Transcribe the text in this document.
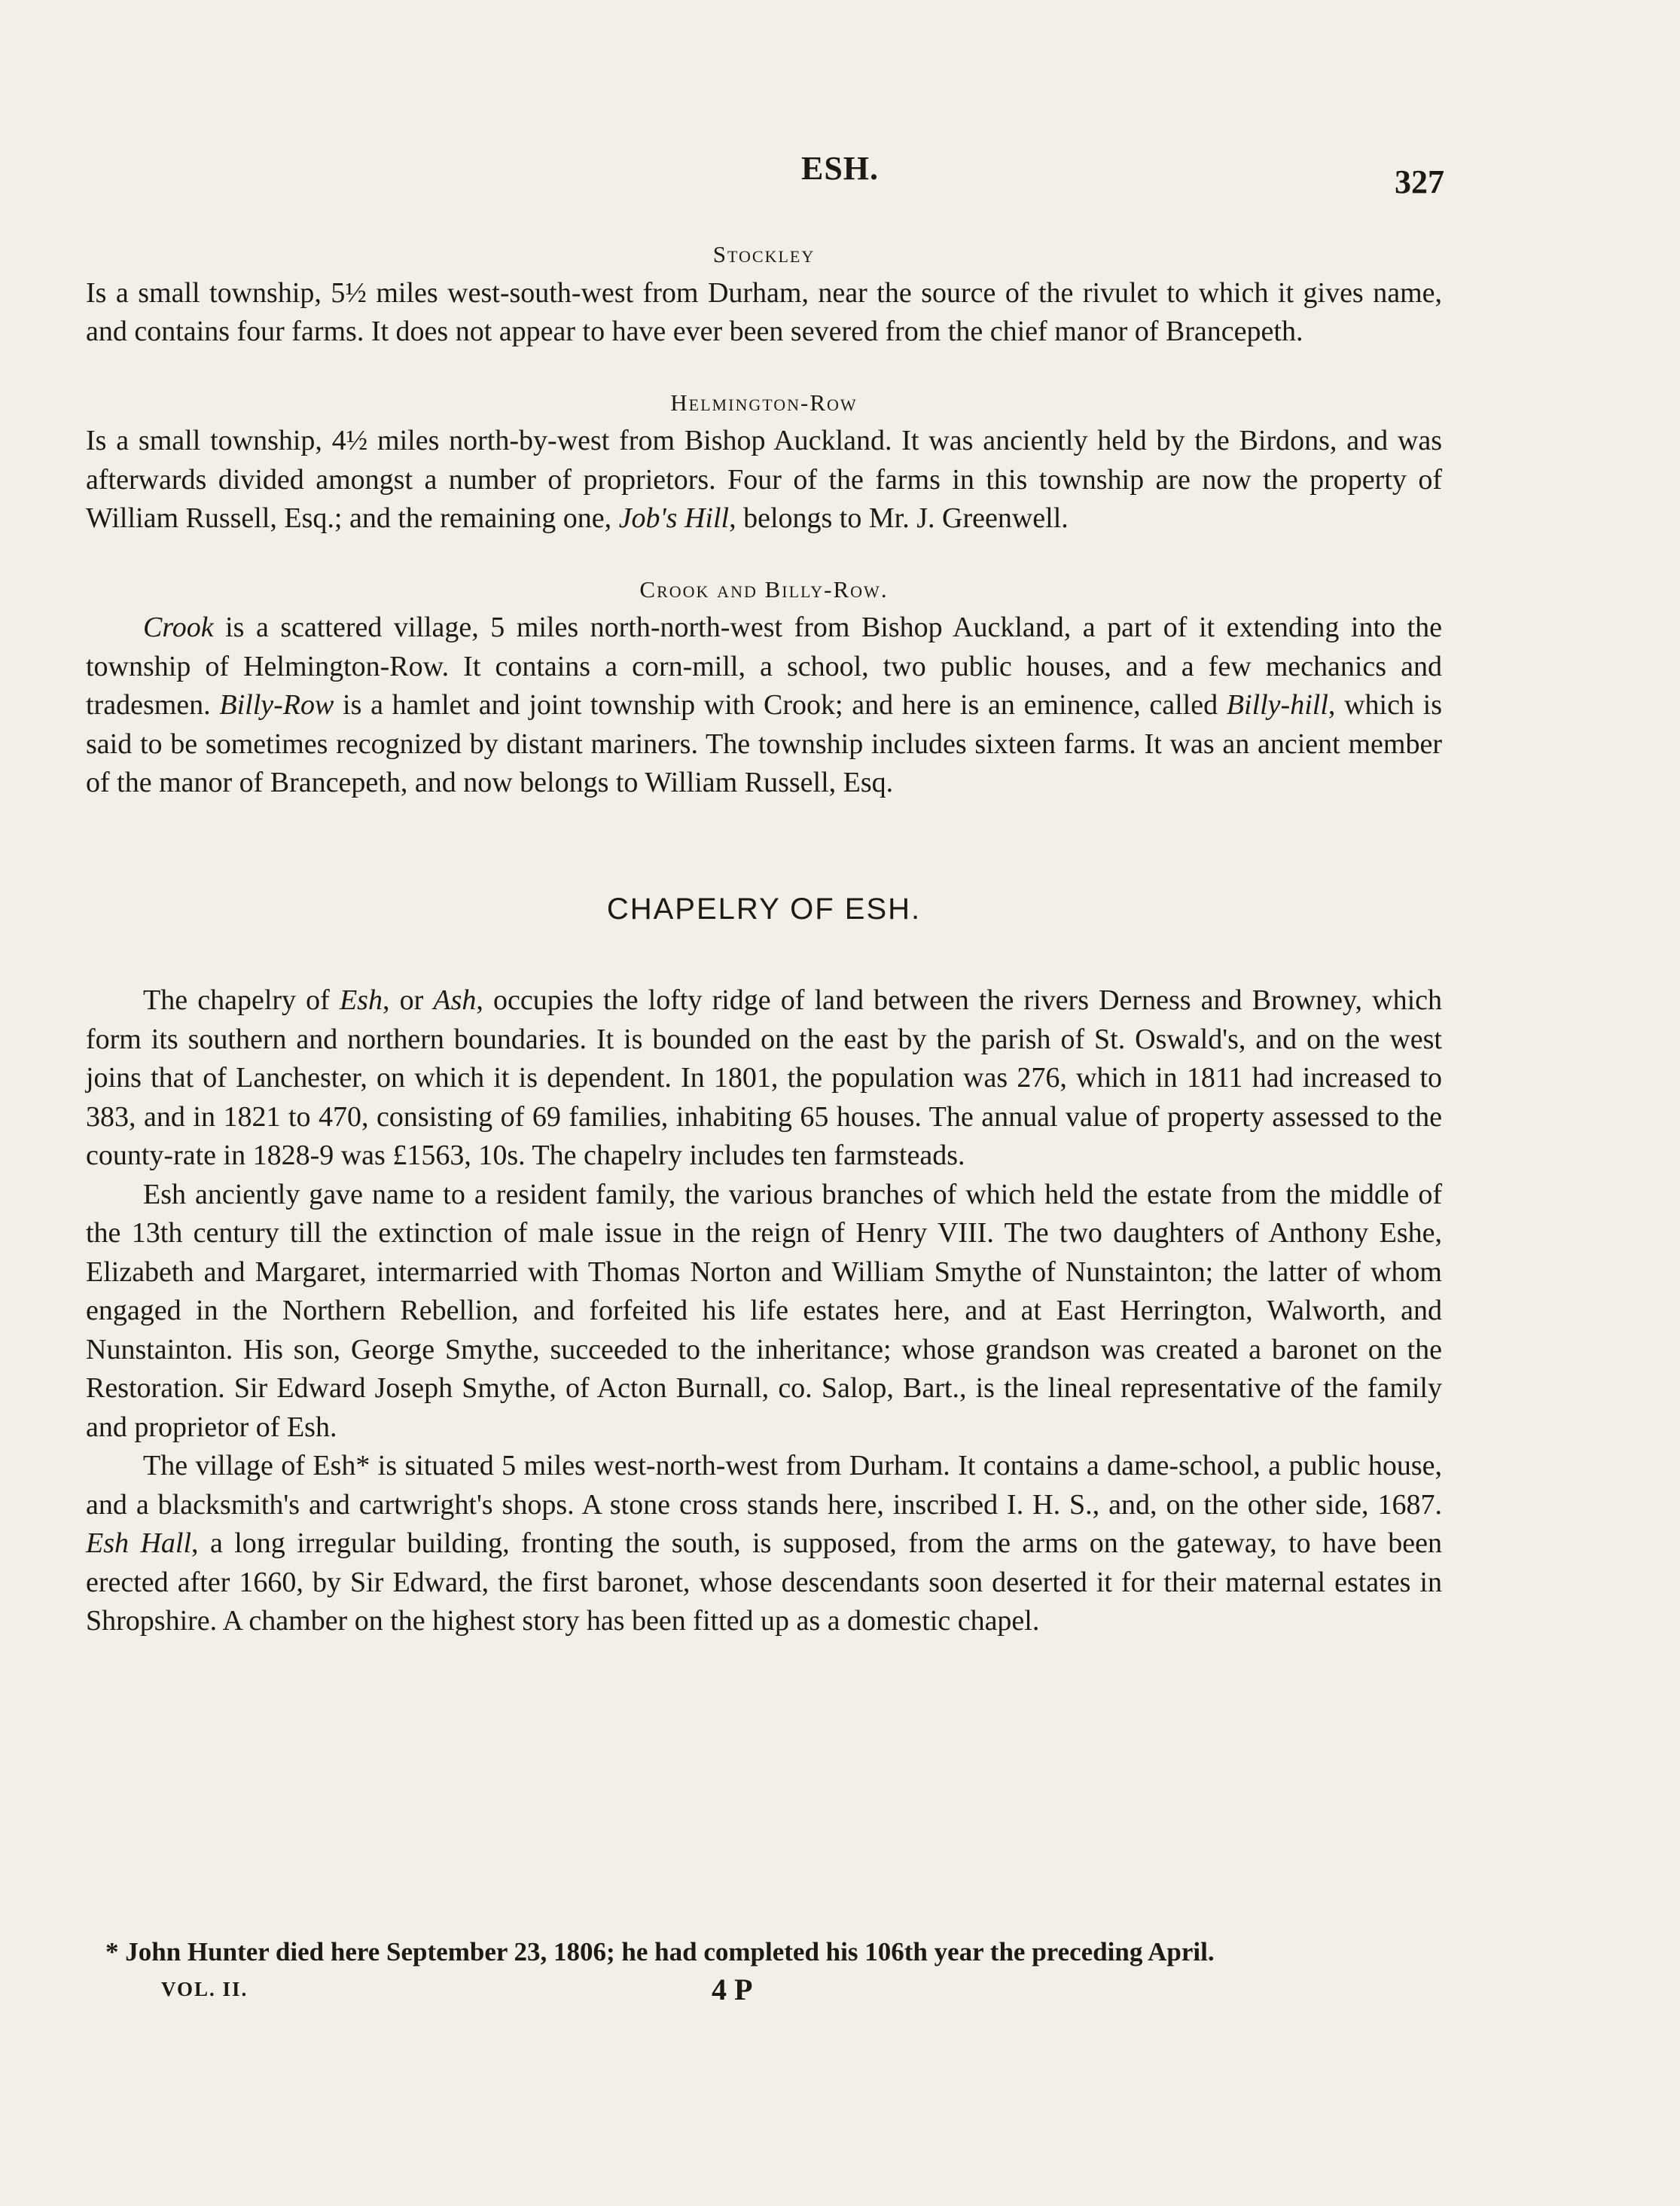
ESH.	327

Stockley

Is a small township, 5½ miles west-south-west from Durham, near the source of the rivulet to which it gives name, and contains four farms. It does not appear to have ever been severed from the chief manor of Brancepeth.

Helmington-Row

Is a small township, 4½ miles north-by-west from Bishop Auckland. It was anciently held by the Birdons, and was afterwards divided amongst a number of proprietors. Four of the farms in this township are now the property of William Russell, Esq.; and the remaining one, Job's Hill, belongs to Mr. J. Greenwell.

Crook and Billy-Row.

Crook is a scattered village, 5 miles north-north-west from Bishop Auckland, a part of it extending into the township of Helmington-Row. It contains a corn-mill, a school, two public houses, and a few mechanics and tradesmen. Billy-Row is a hamlet and joint township with Crook; and here is an eminence, called Billy-hill, which is said to be sometimes recognized by distant mariners. The township includes sixteen farms. It was an ancient member of the manor of Brancepeth, and now belongs to William Russell, Esq.

CHAPELRY OF ESH.

The chapelry of Esh, or Ash, occupies the lofty ridge of land between the rivers Derness and Browney, which form its southern and northern boundaries. It is bounded on the east by the parish of St. Oswald's, and on the west joins that of Lanchester, on which it is dependent. In 1801, the population was 276, which in 1811 had increased to 383, and in 1821 to 470, consisting of 69 families, inhabiting 65 houses. The annual value of property assessed to the county-rate in 1828-9 was £1563, 10s. The chapelry includes ten farmsteads.

Esh anciently gave name to a resident family, the various branches of which held the estate from the middle of the 13th century till the extinction of male issue in the reign of Henry VIII. The two daughters of Anthony Eshe, Elizabeth and Margaret, intermarried with Thomas Norton and William Smythe of Nunstainton; the latter of whom engaged in the Northern Rebellion, and forfeited his life estates here, and at East Herrington, Walworth, and Nunstainton. His son, George Smythe, succeeded to the inheritance; whose grandson was created a baronet on the Restoration. Sir Edward Joseph Smythe, of Acton Burnall, co. Salop, Bart., is the lineal representative of the family and proprietor of Esh.

The village of Esh* is situated 5 miles west-north-west from Durham. It contains a dame-school, a public house, and a blacksmith's and cartwright's shops. A stone cross stands here, inscribed I. H. S., and, on the other side, 1687. Esh Hall, a long irregular building, fronting the south, is supposed, from the arms on the gateway, to have been erected after 1660, by Sir Edward, the first baronet, whose descendants soon deserted it for their maternal estates in Shropshire. A chamber on the highest story has been fitted up as a domestic chapel.

* John Hunter died here September 23, 1806; he had completed his 106th year the preceding April.
VOL. II.	4 P
